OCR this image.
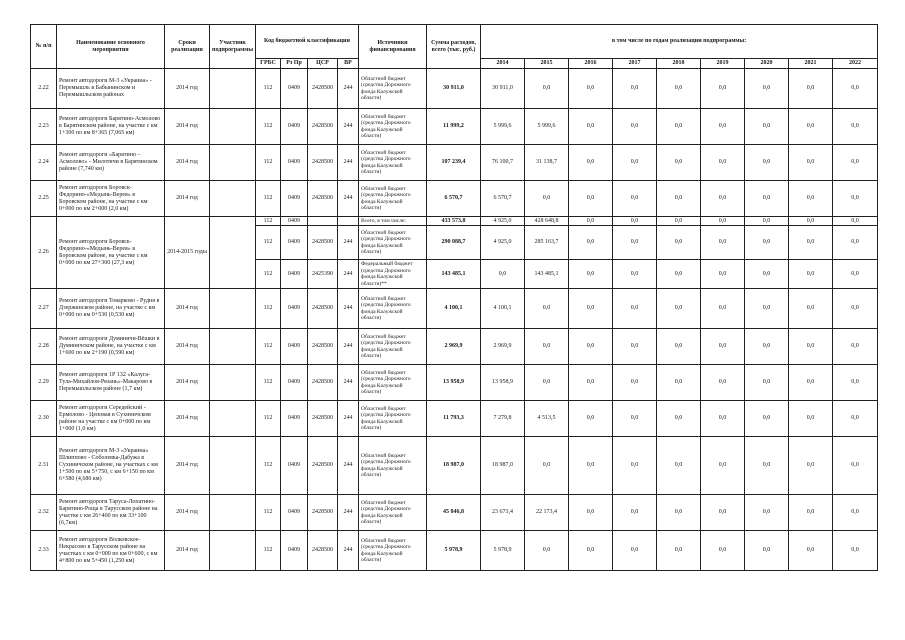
№ п/п	Наименование основного мероприятия	Сроки реализации	Участник подпрограммы	Код бюджетной классификации				Источники финансирования	Сумма расходов, всего (тыс. руб.)	в том числе по годам реализации подпрограммы:								

				ГРБС	Рз Пр	ЦСР	ВР			2014	2015	2016	2017	2018	2019	2020	2021	2022
2.22	Ремонт автодороги М-3 «Украина» - Перемышль в Бабынинском и Перемышльском районах	2014 год		112	0409	2428500	244	Областной бюджет (средства Дорожного фонда Калужской области)	30 911,0	30 911,0	0,0	0,0	0,0	0,0	0,0	0,0	0,0	0,0
2.23	Ремонт автодороги Барятино-Асмолово в Барятинском районе, на участке с км 1+300 по км 8+365 (7,065 км)	2014 год		112	0409	2428500	244	Областной бюджет (средства Дорожного фонда Калужской области)	11 999,2	5 999,6	5 999,6	0,0	0,0	0,0	0,0	0,0	0,0	0,0
2.24	Ремонт автодороги «Барятино – Асмолово» - Милотичи в Барятинском районе (7,740 км)	2014 год		112	0409	2428500	244	Областной бюджет (средства Дорожного фонда Калужской области)	107 239,4	76 100,7	31 138,7	0,0	0,0	0,0	0,0	0,0	0,0	0,0
2.25	Ремонт автодороги Боровск-Федорино-«Медынь-Верея» в Боровском районе, на участке с км 0+000 по км 2+000 (2,0 км)	2014 год		112	0409	2428500	244	Областной бюджет (средства Дорожного фонда Калужской области)	6 570,7	6 570,7	0,0	0,0	0,0	0,0	0,0	0,0	0,0	0,0
2.26	Ремонт автодороги Боровск-Федорино-«Медынь-Верея» в Боровском районе, на участке с км 0+000 по км 27+300 (27,3 км)	2014-2015 годы		112	0409			Всего, в том числе:	433 573,8	4 925,0	428 648,8	0,0	0,0	0,0	0,0	0,0	0,0	0,0
				112	0409	2428500	244	Областной бюджет (средства Дорожного фонда Калужской области)	290 088,7	4 925,0	285 163,7	0,0	0,0	0,0	0,0	0,0	0,0	0,0
				112	0409	2425390	244	Федеральный бюджет (средства Дорожного фонда Калужской области)**	143 485,1	0,0	143 485,1	0,0	0,0	0,0	0,0	0,0	0,0	0,0
2.27	Ремонт автодороги Товарково - Рудня в Дзержинском районе, на участке с км 0+000 по км 0+530 (0,530 км)	2014 год		112	0409	2428500	244	Областной бюджет (средства Дорожного фонда Калужской области)	4 100,1	4 100,1	0,0	0,0	0,0	0,0	0,0	0,0	0,0	0,0
2.28	Ремонт автодороги Думиничи-Вёшки в Думиничском районе, на участке с км 1+600 по км 2+190 (0,590 км)	2014 год		112	0409	2428500	244	Областной бюджет (средства Дорожного фонда Калужской области)	2 969,9	2 969,9	0,0	0,0	0,0	0,0	0,0	0,0	0,0	0,0
2.29	Ремонт автодороги 1Р 132 «Калуга-Тула-Михайлов-Рязань»-Макарово в Перемышльском районе (1,7 км)	2014 год		112	0409	2428500	244	Областной бюджет (средства Дорожного фонда Калужской области)	13 958,9	13 958,9	0,0	0,0	0,0	0,0	0,0	0,0	0,0	0,0
2.30	Ремонт автодороги Середейский - Ермолово - Цеповая в Сухиничском районе на участке с км 0+000 по км 1+000 (1,0 км)	2014 год		112	0409	2428500	244	Областной бюджет (средства Дорожного фонда Калужской области)	11 793,3	7 279,8	4 513,5	0,0	0,0	0,0	0,0	0,0	0,0	0,0
2.31	Ремонт автодороги М-3 «Украина» Шлиппово - Соболевка-Дабужа в Сухиничском районе, на участках с км 1+500 по км 5+750, с км 6+150 по км 6+580 (4,680 км)	2014 год		112	0409	2428500	244	Областной бюджет (средства Дорожного фонда Калужской области)	18 987,0	18 987,0	0,0	0,0	0,0	0,0	0,0	0,0	0,0	0,0
2.32	Ремонт автодороги Таруса-Лопатино-Барятино-Роща в Тарусском районе на участке с км 26+400 по км 33+100 (6,7км)	2014 год		112	0409	2428500	244	Областной бюджет (средства Дорожного фонда Калужской области)	45 846,8	23 673,4	22 173,4	0,0	0,0	0,0	0,0	0,0	0,0	0,0
2.33	Ремонт автодороги Волковское-Некрасово в Тарусском районе на участках с км 0+000 по км 0+600, с км 4+800 по км 5+450 (1,250 км)	2014 год		112	0409	2428500	244	Областной бюджет (средства Дорожного фонда Калужской области)	5 978,9	5 978,9	0,0	0,0	0,0	0,0	0,0	0,0	0,0	0,0
